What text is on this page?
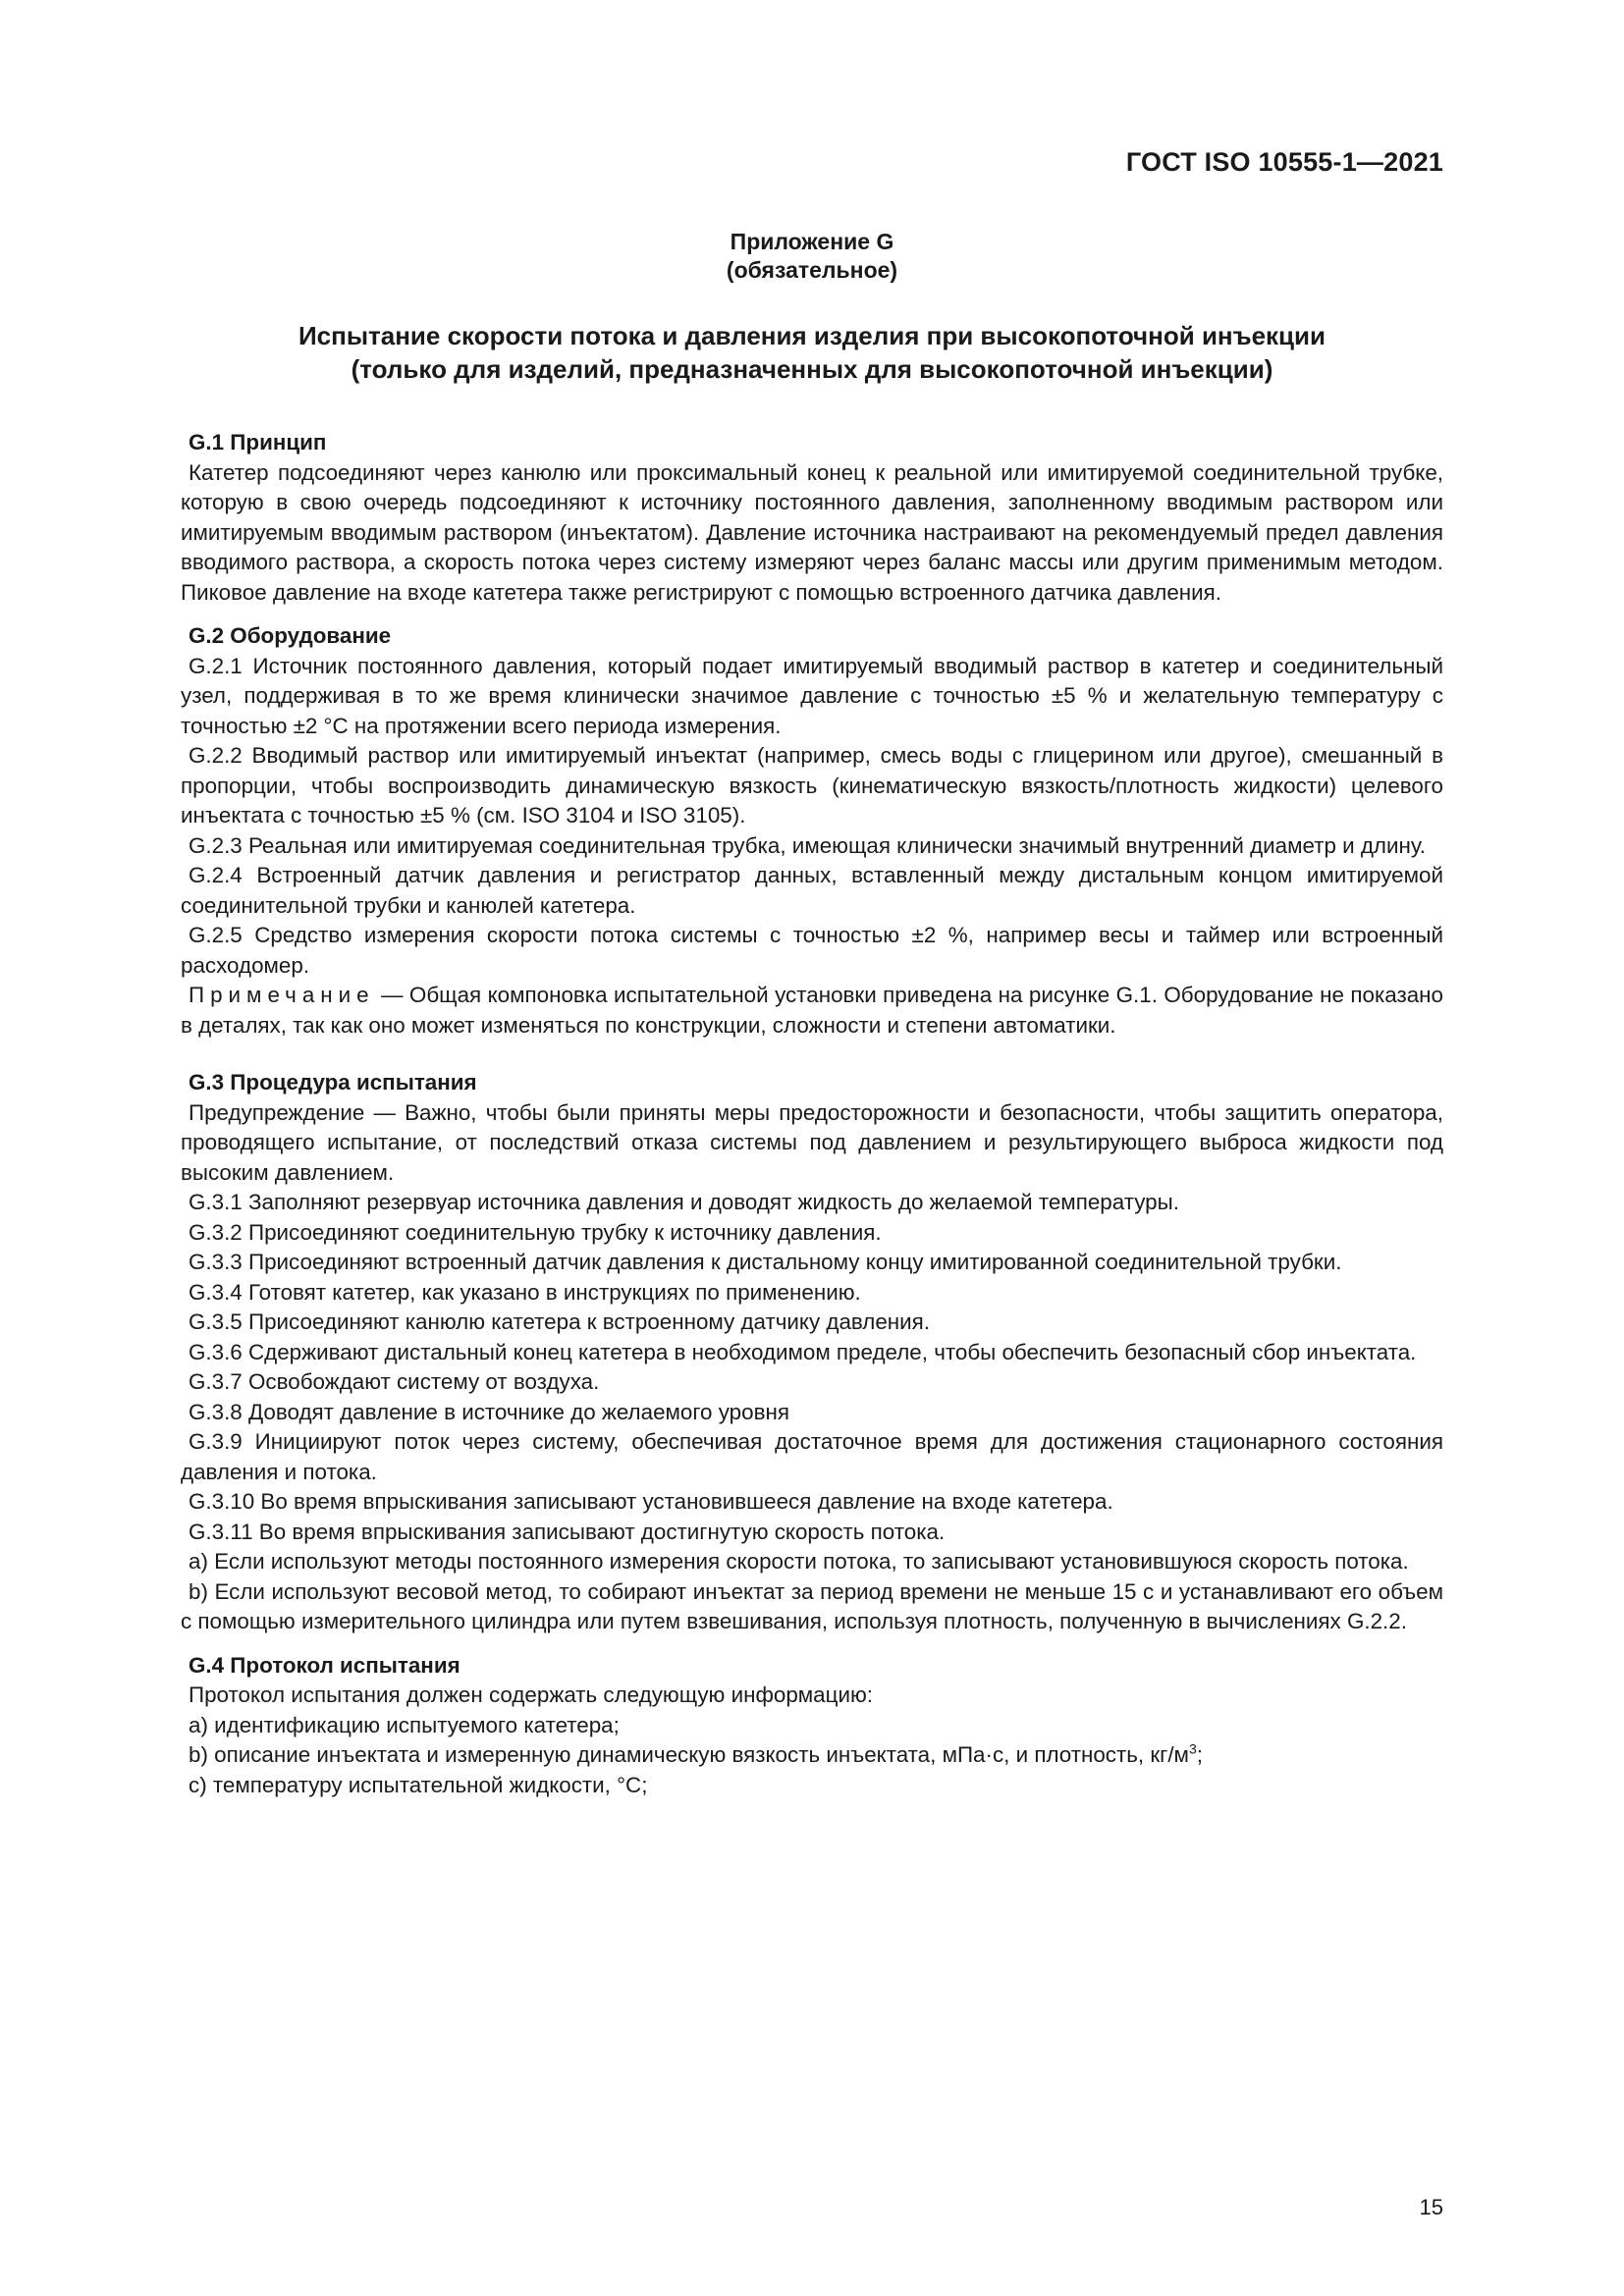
ГОСТ ISO 10555-1—2021
Приложение G
(обязательное)
Испытание скорости потока и давления изделия при высокопоточной инъекции
(только для изделий, предназначенных для высокопоточной инъекции)
G.1 Принцип

Катетер подсоединяют через канюлю или проксимальный конец к реальной или имитируемой соединительной трубке, которую в свою очередь подсоединяют к источнику постоянного давления, заполненному вводимым раствором или имитируемым вводимым раствором (инъектатом). Давление источника настраивают на рекомендуемый предел давления вводимого раствора, а скорость потока через систему измеряют через баланс массы или другим применимым методом. Пиковое давление на входе катетера также регистрируют с помощью встроенного датчика давления.

G.2 Оборудование

G.2.1 Источник постоянного давления, который подает имитируемый вводимый раствор в катетер и соединительный узел, поддерживая в то же время клинически значимое давление с точностью ±5 % и желательную температуру с точностью ±2 °С на протяжении всего периода измерения.

G.2.2 Вводимый раствор или имитируемый инъектат (например, смесь воды с глицерином или другое), смешанный в пропорции, чтобы воспроизводить динамическую вязкость (кинематическую вязкость/плотность жидкости) целевого инъектата с точностью ±5 % (см. ISO 3104 и ISO 3105).

G.2.3 Реальная или имитируемая соединительная трубка, имеющая клинически значимый внутренний диаметр и длину.

G.2.4 Встроенный датчик давления и регистратор данных, вставленный между дистальным концом имитируемой соединительной трубки и канюлей катетера.

G.2.5 Средство измерения скорости потока системы с точностью ±2 %, например весы и таймер или встроенный расходомер.

Примечание — Общая компоновка испытательной установки приведена на рисунке G.1. Оборудование не показано в деталях, так как оно может изменяться по конструкции, сложности и степени автоматики.

G.3 Процедура испытания

Предупреждение — Важно, чтобы были приняты меры предосторожности и безопасности, чтобы защитить оператора, проводящего испытание, от последствий отказа системы под давлением и результирующего выброса жидкости под высоким давлением.

G.3.1 Заполняют резервуар источника давления и доводят жидкость до желаемой температуры.

G.3.2 Присоединяют соединительную трубку к источнику давления.

G.3.3 Присоединяют встроенный датчик давления к дистальному концу имитированной соединительной трубки.

G.3.4 Готовят катетер, как указано в инструкциях по применению.

G.3.5 Присоединяют канюлю катетера к встроенному датчику давления.

G.3.6 Сдерживают дистальный конец катетера в необходимом пределе, чтобы обеспечить безопасный сбор инъектата.

G.3.7 Освобождают систему от воздуха.

G.3.8 Доводят давление в источнике до желаемого уровня

G.3.9 Инициируют поток через систему, обеспечивая достаточное время для достижения стационарного состояния давления и потока.

G.3.10 Во время впрыскивания записывают установившееся давление на входе катетера.

G.3.11 Во время впрыскивания записывают достигнутую скорость потока.

a) Если используют методы постоянного измерения скорости потока, то записывают установившуюся скорость потока.

b) Если используют весовой метод, то собирают инъектат за период времени не меньше 15 с и устанавливают его объем с помощью измерительного цилиндра или путем взвешивания, используя плотность, полученную в вычислениях G.2.2.

G.4 Протокол испытания

Протокол испытания должен содержать следующую информацию:

a) идентификацию испытуемого катетера;

b) описание инъектата и измеренную динамическую вязкость инъектата, мПа·с, и плотность, $кг/м^3$;

c) температуру испытательной жидкости, °С;

15
